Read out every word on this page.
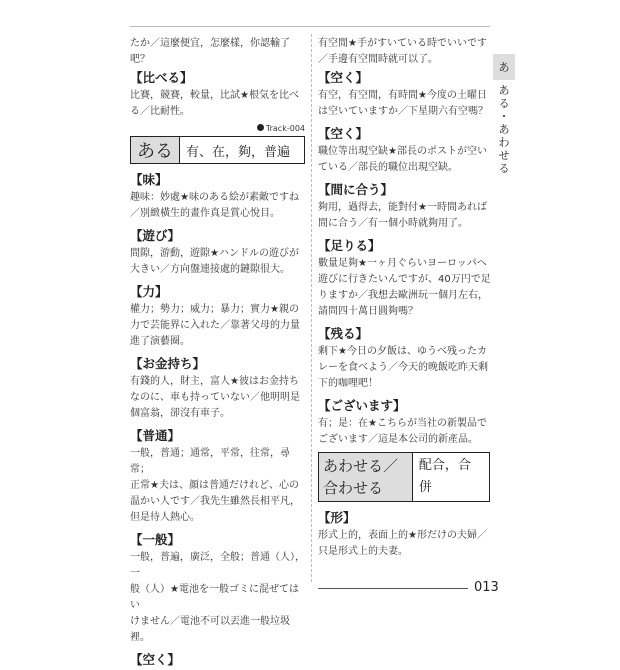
たか／這麼便宜，怎麼樣，你認輸了吧？

【比べる】

比賽，競賽，較量，比試★根気を比べ

る／比耐性。

Track-004
ある	有、在，夠，普遍

【味】

趣味：妙處★味のある絵が素敵ですね

／別緻橫生的畫作真是賞心悅目。

【遊び】

間隙，游動，遊隙★ハンドルの遊びが

大きい／方向盤連接處的鏈隙很大。

【力】

權力；勢力；威力；暴力；實力★親の

力で芸能界に入れた／靠著父母的力量

進了演藝圈。

【お金持ち】

有錢的人，財主，富人★彼はお金持ち

なのに、車も持っていない／他明明是

個富翁，卻沒有車子。

【普通】

一般，普通；通常，平常，往常，尋常；

正常★夫は、顔は普通だけれど、心の

温かい人です／我先生雖然長相平凡，

但是待人熱心。

【一般】

一般，普遍，廣泛，全般；普通（人），一

般（人）★電池を一般ゴミに混ぜてはい

けません／電池不可以丟進一般垃圾裡。

【空く】

有空閒★手がすいている時でいいです

／手邊有空閒時就可以了。

【空く】

有空，有空閒，有時間★今度の土曜日

は空いていますか／下星期六有空嗎？

【空く】

職位等出現空缺★部長のポストが空い

ている／部長的職位出現空缺。

【間に合う】

夠用，過得去，能對付★一時間あれば

間に合う／有一個小時就夠用了。

【足りる】

數量足夠★一ヶ月ぐらいヨーロッパへ

遊びに行きたいんですが、40万円で足

りますか／我想去歐洲玩一個月左右，

請問四十萬日圓夠嗎？

【残る】

剩下★今日の夕飯は、ゆうべ残ったカ

レーを食べよう／今天的晚飯吃昨天剩

下的咖哩吧！

【ございます】

有；是：在★こちらが当社の新製品で

ございます／這是本公司的新產品。

あわせる／合わせる
配合，合併

【形】

形式上的，表面上的★形だけの夫婦／

只是形式上的夫妻。

あ
あ
る
・
あ
わ
せ
る
013
